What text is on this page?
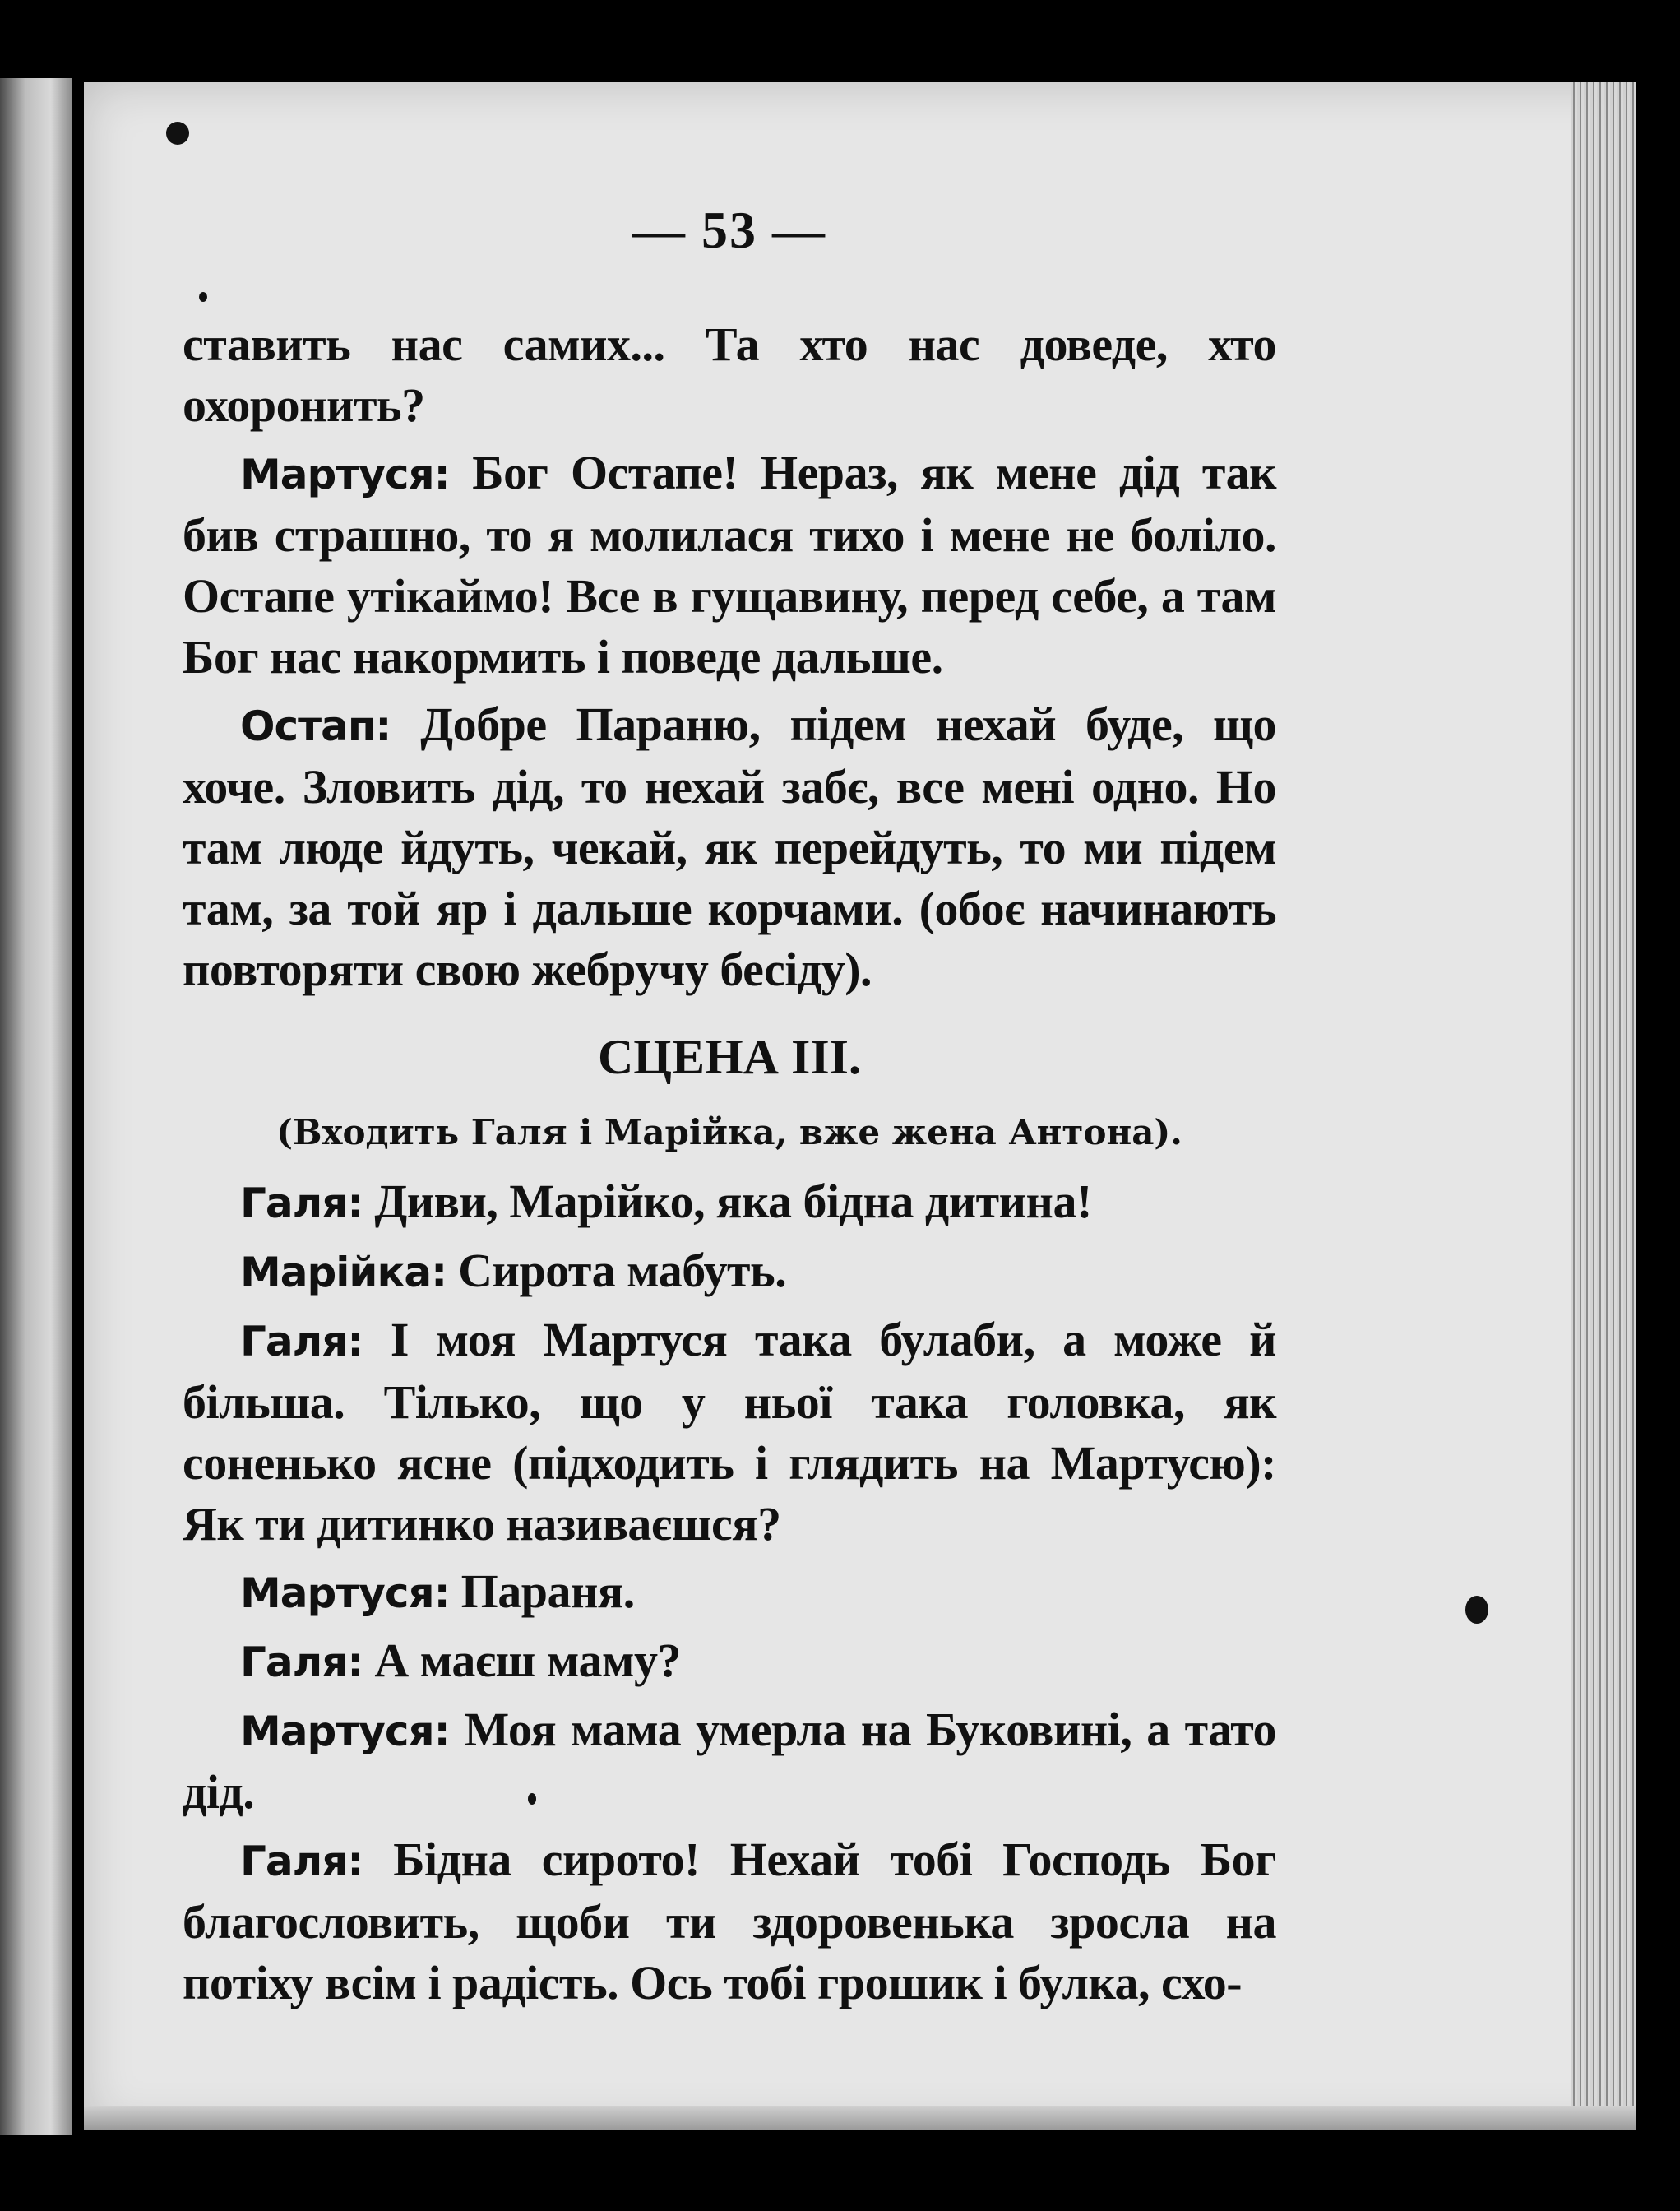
— 53 —

ставить нас самих... Та хто нас доведе, хто охоронить?

Мартуся: Бог Остапе! Нераз, як мене дід так бив страшно, то я молилася тихо і мене не боліло. Остапе утікаймо! Все в гущавину, перед себе, а там Бог нас накормить і поведе дальше.

Остап: Добре Параню, підем нехай буде, що хоче. Зловить дід, то нехай забє, все мені одно. Но там люде йдуть, чекай, як перейдуть, то ми підем там, за той яр і дальше корчами. (обоє начинають повторяти свою жебручу бесіду).

СЦЕНА III.
(Входить Галя і Марійка, вже жена Антона).

Галя: Диви, Марійко, яка бідна дитина!

Марійка: Сирота мабуть.

Галя: І моя Мартуся така булаби, а може й більша. Тілько, що у ньої така головка, як соненько ясне (підходить і глядить на Мартусю): Як ти дитинко називаєшся?

Мартуся: Параня.

Галя: А маєш маму?

Мартуся: Моя мама умерла на Буковині, а тато дід.

Галя: Бідна сирото! Нехай тобі Господь Бог благословить, щоби ти здоровенька зросла на потіху всім і радість. Ось тобі грошик і булка, схо-
